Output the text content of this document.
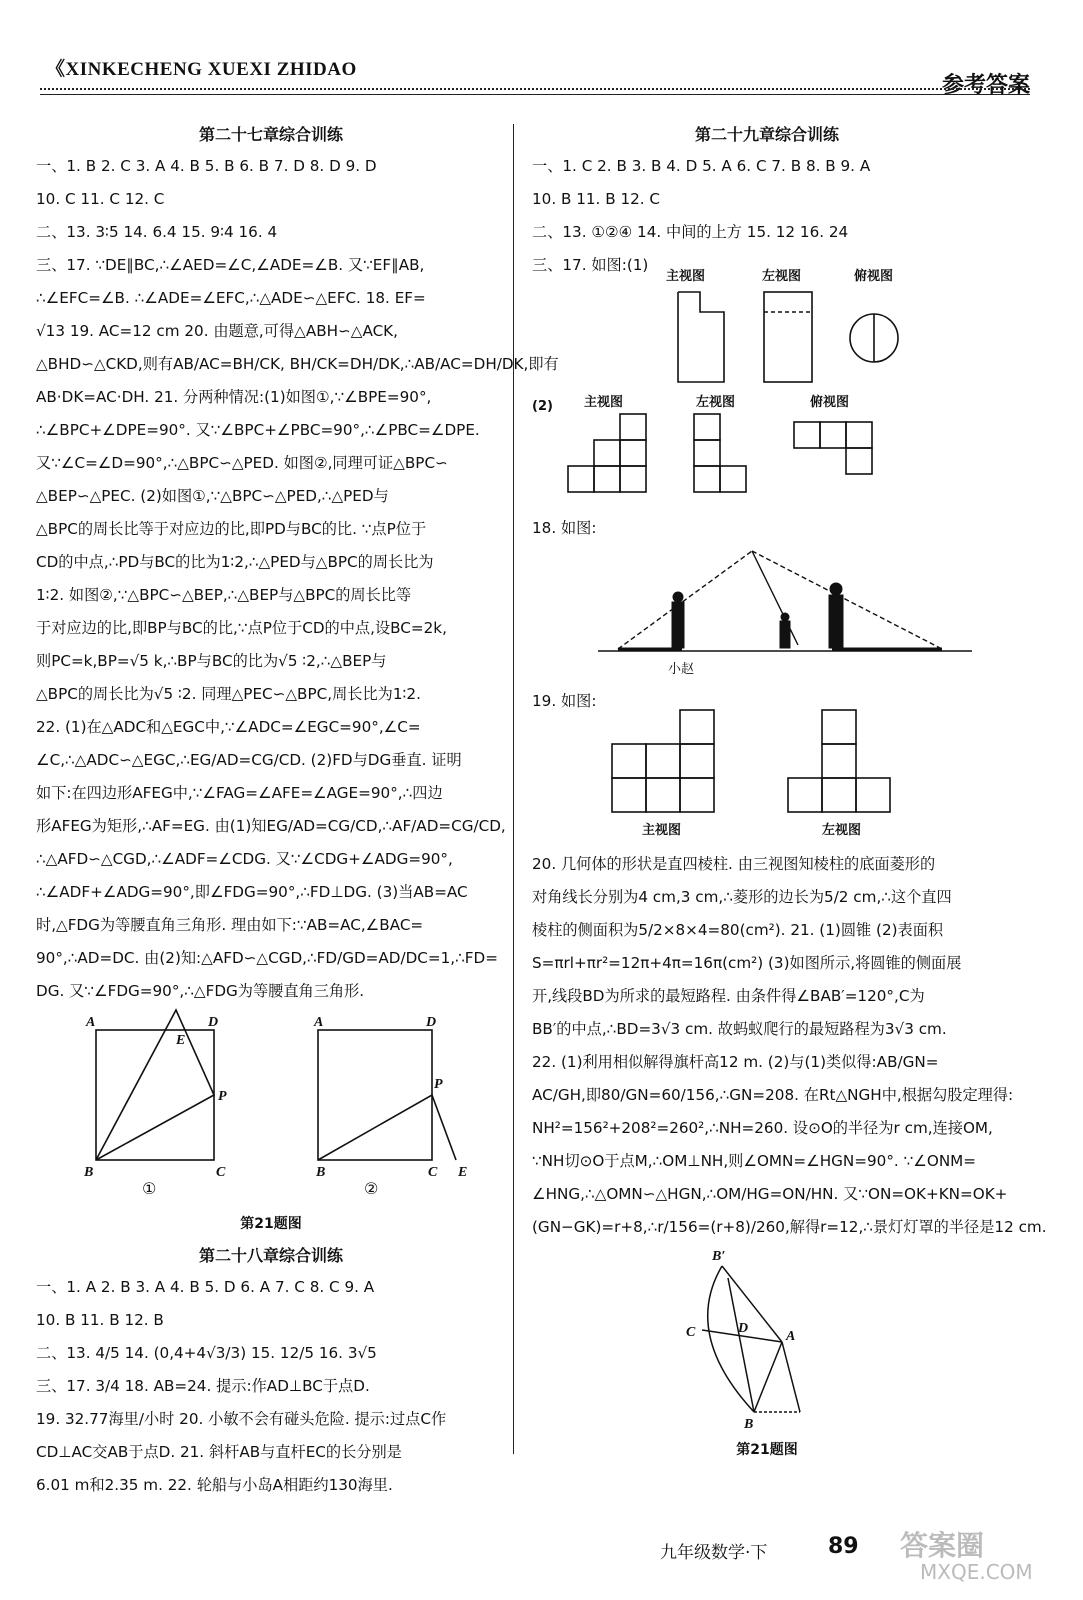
《XINKECHENG XUEXI ZHIDAO
参考答案
第二十七章综合训练
一、1. B 2. C 3. A 4. B 5. B 6. B 7. D 8. D 9. D
10. C 11. C 12. C
二、13. 3∶5 14. 6.4 15. 9∶4 16. 4
三、17. ∵DE∥BC,∴∠AED=∠C,∠ADE=∠B. 又∵EF∥AB,
∴∠EFC=∠B. ∴∠ADE=∠EFC,∴△ADE∽△EFC. 18. EF=
√13 19. AC=12 cm 20. 由题意,可得△ABH∽△ACK,
△BHD∽△CKD,则有AB/AC=BH/CK, BH/CK=DH/DK,∴AB/AC=DH/DK,即有
AB·DK=AC·DH. 21. 分两种情况:(1)如图①,∵∠BPE=90°,
∴∠BPC+∠DPE=90°. 又∵∠BPC+∠PBC=90°,∴∠PBC=∠DPE.
又∵∠C=∠D=90°,∴△BPC∽△PED. 如图②,同理可证△BPC∽
△BEP∽△PEC. (2)如图①,∵△BPC∽△PED,∴△PED与
△BPC的周长比等于对应边的比,即PD与BC的比. ∵点P位于
CD的中点,∴PD与BC的比为1∶2,∴△PED与△BPC的周长比为
1∶2. 如图②,∵△BPC∽△BEP,∴△BEP与△BPC的周长比等
于对应边的比,即BP与BC的比,∵点P位于CD的中点,设BC=2k,
则PC=k,BP=√5 k,∴BP与BC的比为√5 ∶2,∴△BEP与
△BPC的周长比为√5 ∶2. 同理△PEC∽△BPC,周长比为1∶2.
22. (1)在△ADC和△EGC中,∵∠ADC=∠EGC=90°,∠C=
∠C,∴△ADC∽△EGC,∴EG/AD=CG/CD. (2)FD与DG垂直. 证明
如下:在四边形AFEG中,∵∠FAG=∠AFE=∠AGE=90°,∴四边
形AFEG为矩形,∴AF=EG. 由(1)知EG/AD=CG/CD,∴AF/AD=CG/CD,
∴△AFD∽△CGD,∴∠ADF=∠CDG. 又∵∠CDG+∠ADG=90°,
∴∠ADF+∠ADG=90°,即∠FDG=90°,∴FD⊥DG. (3)当AB=AC
时,△FDG为等腰直角三角形. 理由如下:∵AB=AC,∠BAC=
90°,∴AD=DC. 由(2)知:△AFD∽△CGD,∴FD/GD=AD/DC=1,∴FD=
DG. 又∵∠FDG=90°,∴△FDG为等腰直角三角形.
A	D
E
P
B	C
A	D
P
B	C E
①	②
第21题图
第二十八章综合训练
一、1. A 2. B 3. A 4. B 5. D 6. A 7. C 8. C 9. A
10. B 11. B 12. B
二、13. 4/5 14. (0,4+4√3/3) 15. 12/5 16. 3√5
三、17. 3/4 18. AB=24. 提示:作AD⊥BC于点D.
19. 32.77海里/小时 20. 小敏不会有碰头危险. 提示:过点C作
CD⊥AC交AB于点D. 21. 斜杆AB与直杆EC的长分别是
6.01 m和2.35 m. 22. 轮船与小岛A相距约130海里.
第二十九章综合训练
一、1. C 2. B 3. B 4. D 5. A 6. C 7. B 8. B 9. A
10. B 11. B 12. C
二、13. ①②④ 14. 中间的上方 15. 12 16. 24
三、17. 如图:(1)
主视图	左视图	俯视图
(2) 主视图	左视图	俯视图
18. 如图:
小赵
19. 如图:
主视图	左视图
20. 几何体的形状是直四棱柱. 由三视图知棱柱的底面菱形的
对角线长分别为4 cm,3 cm,∴菱形的边长为5/2 cm,∴这个直四
棱柱的侧面积为5/2×8×4=80(cm²). 21. (1)圆锥 (2)表面积
S=πrl+πr²=12π+4π=16π(cm²) (3)如图所示,将圆锥的侧面展
开,线段BD为所求的最短路程. 由条件得∠BAB′=120°,C为
BB′的中点,∴BD=3√3 cm. 故蚂蚁爬行的最短路程为3√3 cm.
22. (1)利用相似解得旗杆高12 m. (2)与(1)类似得:AB/GN=
AC/GH,即80/GN=60/156,∴GN=208. 在Rt△NGH中,根据勾股定理得:
NH²=156²+208²=260²,∴NH=260. 设⊙O的半径为r cm,连接OM,
∵NH切⊙O于点M,∴OM⊥NH,则∠OMN=∠HGN=90°. ∵∠ONM=
∠HNG,∴△OMN∽△HGN,∴OM/HG=ON/HN. 又∵ON=OK+KN=OK+
(GN−GK)=r+8,∴r/156=(r+8)/260,解得r=12,∴景灯灯罩的半径是12 cm.
B′
A
C	D
B
第21题图
九年级数学·下	89 答案圈
MXQE.COM
